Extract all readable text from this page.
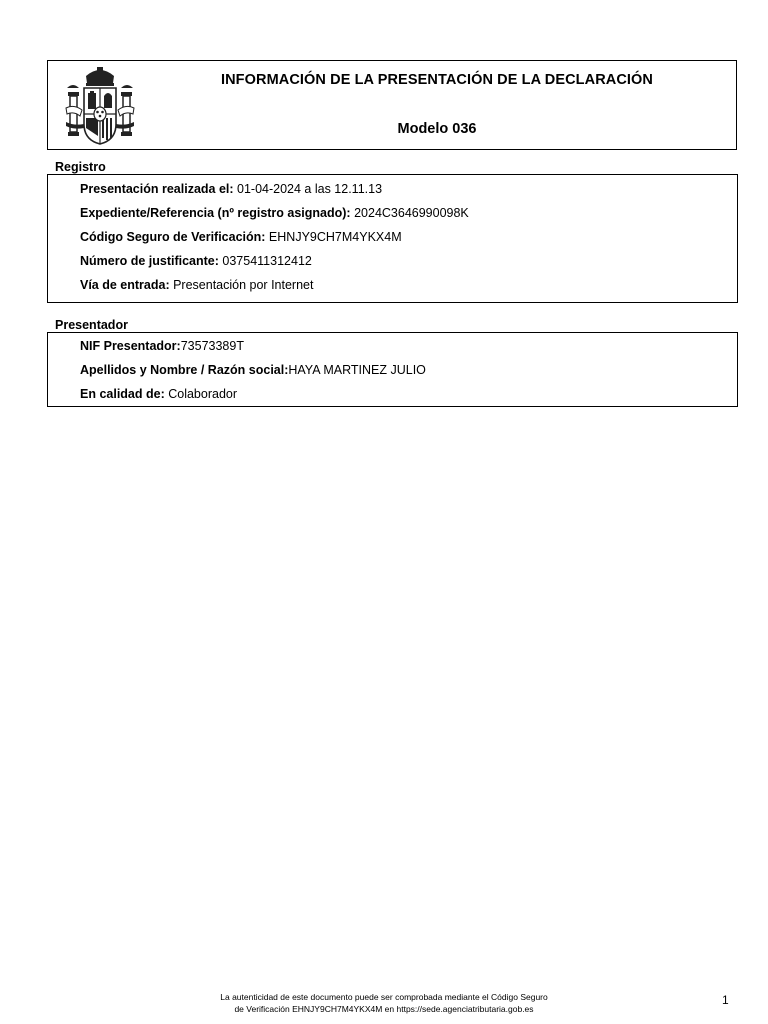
INFORMACIÓN DE LA PRESENTACIÓN DE LA DECLARACIÓN
Modelo 036
Registro
Presentación realizada el: 01-04-2024 a las 12.11.13
Expediente/Referencia (nº registro asignado): 2024C3646990098K
Código Seguro de Verificación: EHNJY9CH7M4YKX4M
Número de justificante: 0375411312412
Vía de entrada: Presentación por Internet
Presentador
NIF Presentador:73573389T
Apellidos y Nombre / Razón social:HAYA MARTINEZ JULIO
En calidad de: Colaborador
La autenticidad de este documento puede ser comprobada mediante el Código Seguro
de Verificación EHNJY9CH7M4YKX4M en https://sede.agenciatributaria.gob.es
1
